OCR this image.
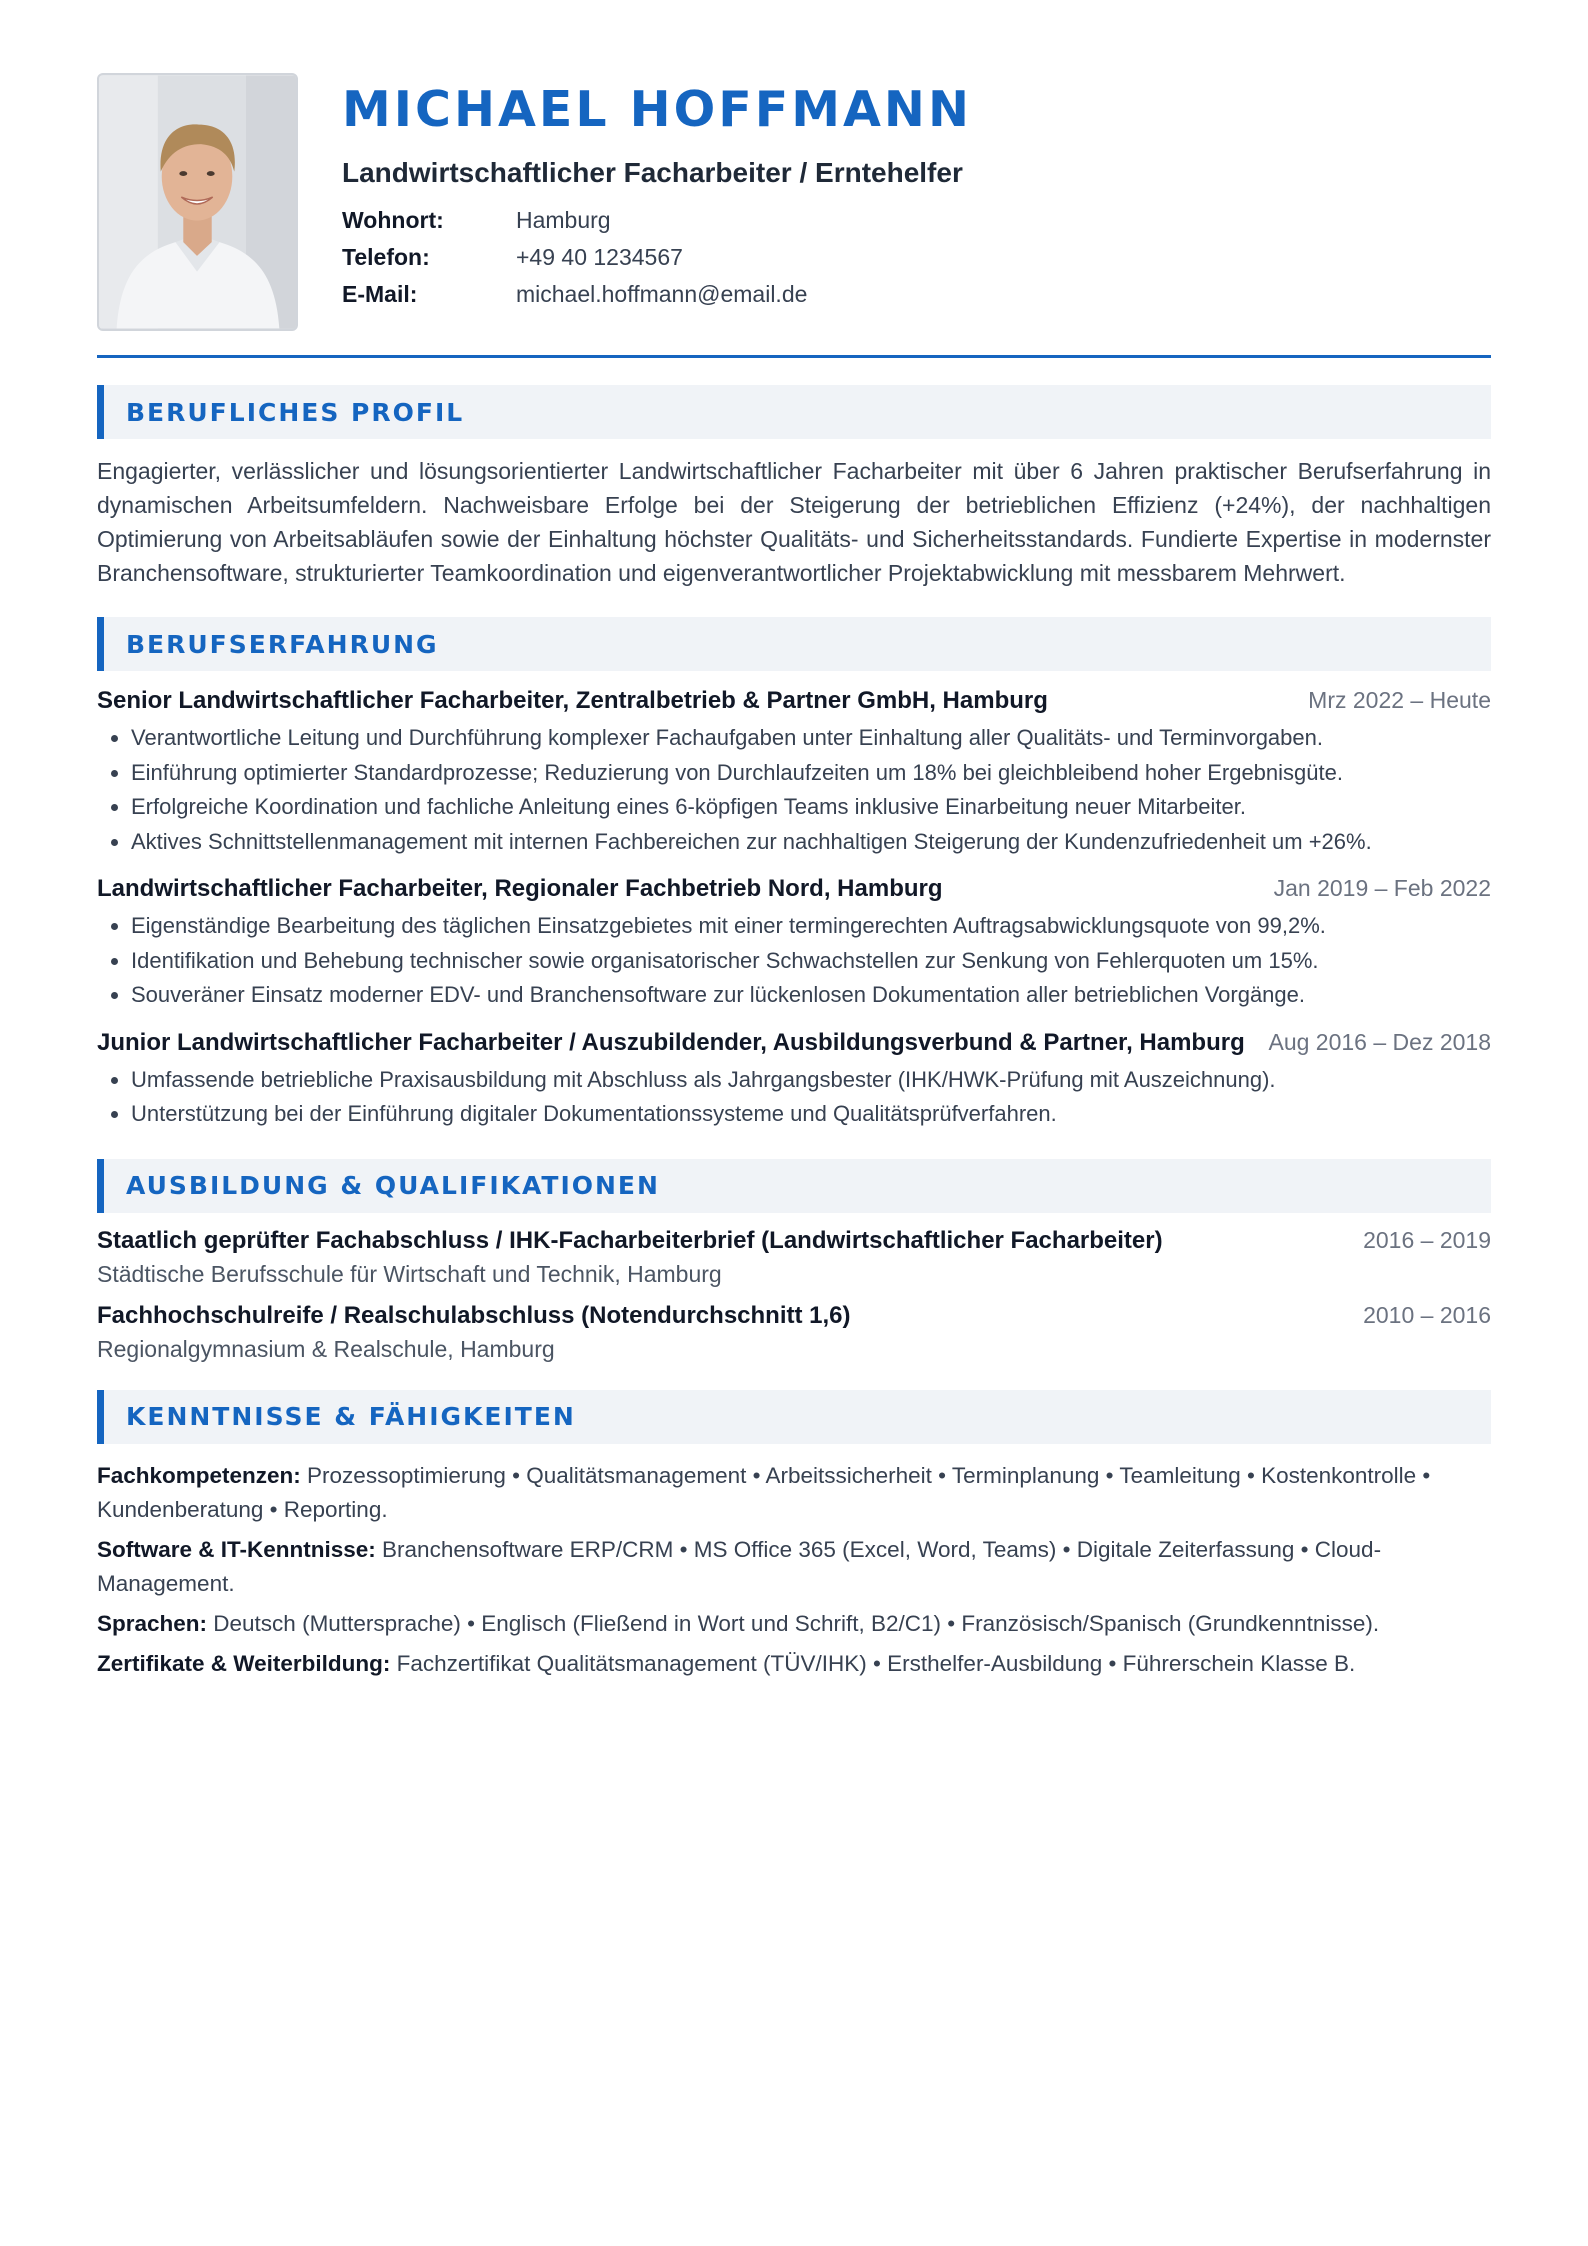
MICHAEL HOFFMANN
Landwirtschaftlicher Facharbeiter / Erntehelfer
Wohnort:	Hamburg
Telefon:	+49 40 1234567
E-Mail:	michael.hoffmann@email.de
BERUFLICHES PROFIL
Engagierter, verlässlicher und lösungsorientierter Landwirtschaftlicher Facharbeiter mit über 6 Jahren praktischer Berufserfahrung in dynamischen Arbeitsumfeldern. Nachweisbare Erfolge bei der Steigerung der betrieblichen Effizienz (+24%), der nachhaltigen Optimierung von Arbeitsabläufen sowie der Einhaltung höchster Qualitäts- und Sicherheitsstandards. Fundierte Expertise in modernster Branchensoftware, strukturierter Teamkoordination und eigenverantwortlicher Projektabwicklung mit messbarem Mehrwert.
BERUFSERFAHRUNG
Senior Landwirtschaftlicher Facharbeiter, Zentralbetrieb & Partner GmbH, Hamburg	Mrz 2022 – Heute
• Verantwortliche Leitung und Durchführung komplexer Fachaufgaben unter Einhaltung aller Qualitäts- und Terminvorgaben.
• Einführung optimierter Standardprozesse; Reduzierung von Durchlaufzeiten um 18% bei gleichbleibend hoher Ergebnisgüte.
• Erfolgreiche Koordination und fachliche Anleitung eines 6-köpfigen Teams inklusive Einarbeitung neuer Mitarbeiter.
• Aktives Schnittstellenmanagement mit internen Fachbereichen zur nachhaltigen Steigerung der Kundenzufriedenheit um +26%.
Landwirtschaftlicher Facharbeiter, Regionaler Fachbetrieb Nord, Hamburg	Jan 2019 – Feb 2022
• Eigenständige Bearbeitung des täglichen Einsatzgebietes mit einer termingerechten Auftragsabwicklungsquote von 99,2%.
• Identifikation und Behebung technischer sowie organisatorischer Schwachstellen zur Senkung von Fehlerquoten um 15%.
• Souveräner Einsatz moderner EDV- und Branchensoftware zur lückenlosen Dokumentation aller betrieblichen Vorgänge.
Junior Landwirtschaftlicher Facharbeiter / Auszubildender, Ausbildungsverbund & Partner, Hamburg Aug 2016 – Dez 2018
• Umfassende betriebliche Praxisausbildung mit Abschluss als Jahrgangsbester (IHK/HWK-Prüfung mit Auszeichnung).
• Unterstützung bei der Einführung digitaler Dokumentationssysteme und Qualitätsprüfverfahren.
AUSBILDUNG & QUALIFIKATIONEN
Staatlich geprüfter Fachabschluss / IHK-Facharbeiterbrief (Landwirtschaftlicher Facharbeiter)	2016 – 2019
Städtische Berufsschule für Wirtschaft und Technik, Hamburg
Fachhochschulreife / Realschulabschluss (Notendurchschnitt 1,6)	2010 – 2016
Regionalgymnasium & Realschule, Hamburg
KENNTNISSE & FÄHIGKEITEN
Fachkompetenzen: Prozessoptimierung • Qualitätsmanagement • Arbeitssicherheit • Terminplanung • Teamleitung • Kostenkontrolle • Kundenberatung • Reporting.
Software & IT-Kenntnisse: Branchensoftware ERP/CRM • MS Office 365 (Excel, Word, Teams) • Digitale Zeiterfassung • Cloud-Management.
Sprachen: Deutsch (Muttersprache) • Englisch (Fließend in Wort und Schrift, B2/C1) • Französisch/Spanisch (Grundkenntnisse).
Zertifikate & Weiterbildung: Fachzertifikat Qualitätsmanagement (TÜV/IHK) • Ersthelfer-Ausbildung • Führerschein Klasse B.
